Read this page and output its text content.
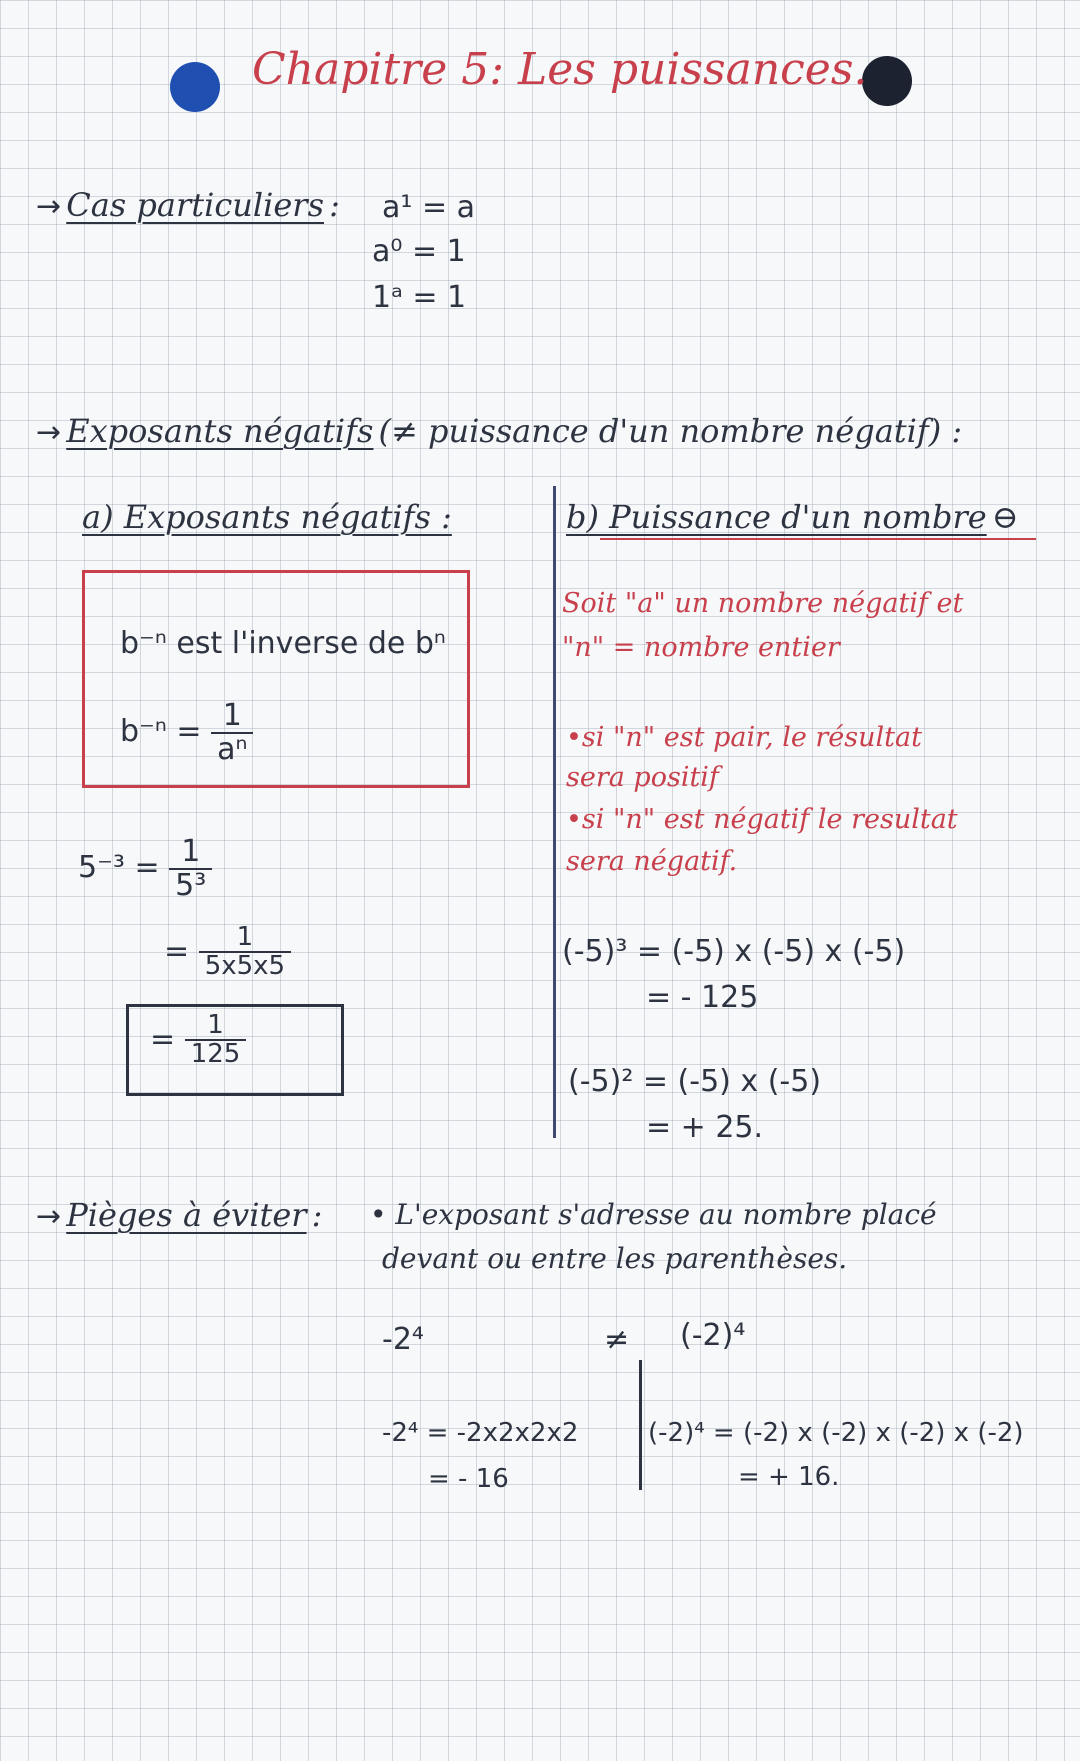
Chapitre 5: Les puissances.
→ Cas particuliers : a¹ = a
a⁰ = 1
1ᵃ = 1
→ Exposants négatifs (≠ puissance d'un nombre négatif) :
a) Exposants négatifs :
b⁻ⁿ est l'inverse de bⁿ
$b^{-n} = \frac{1}{\text{aⁿ}}$
$5^{-3} = \frac{1}{\text{5³}}$
= $\frac{1}{5x5x5}$
= $\frac{1}{125}$
b) Puissance d'un nombre ⊖
Soit "a" un nombre négatif et
"n" = nombre entier
•si "n" est pair, le résultat
sera positif
•si "n" est négatif le resultat
sera négatif.
(-5)³ = (-5) x (-5) x (-5)
= - 125
(-5)² = (-5) x (-5)
= + 25.
→ Pièges à éviter : • L'exposant s'adresse au nombre placé
devant ou entre les parenthèses.
-2⁴	≠ (-2)⁴
-2⁴ = -2x2x2x2
= - 16
(-2)⁴ = (-2) x (-2) x (-2) x (-2)
= + 16.
